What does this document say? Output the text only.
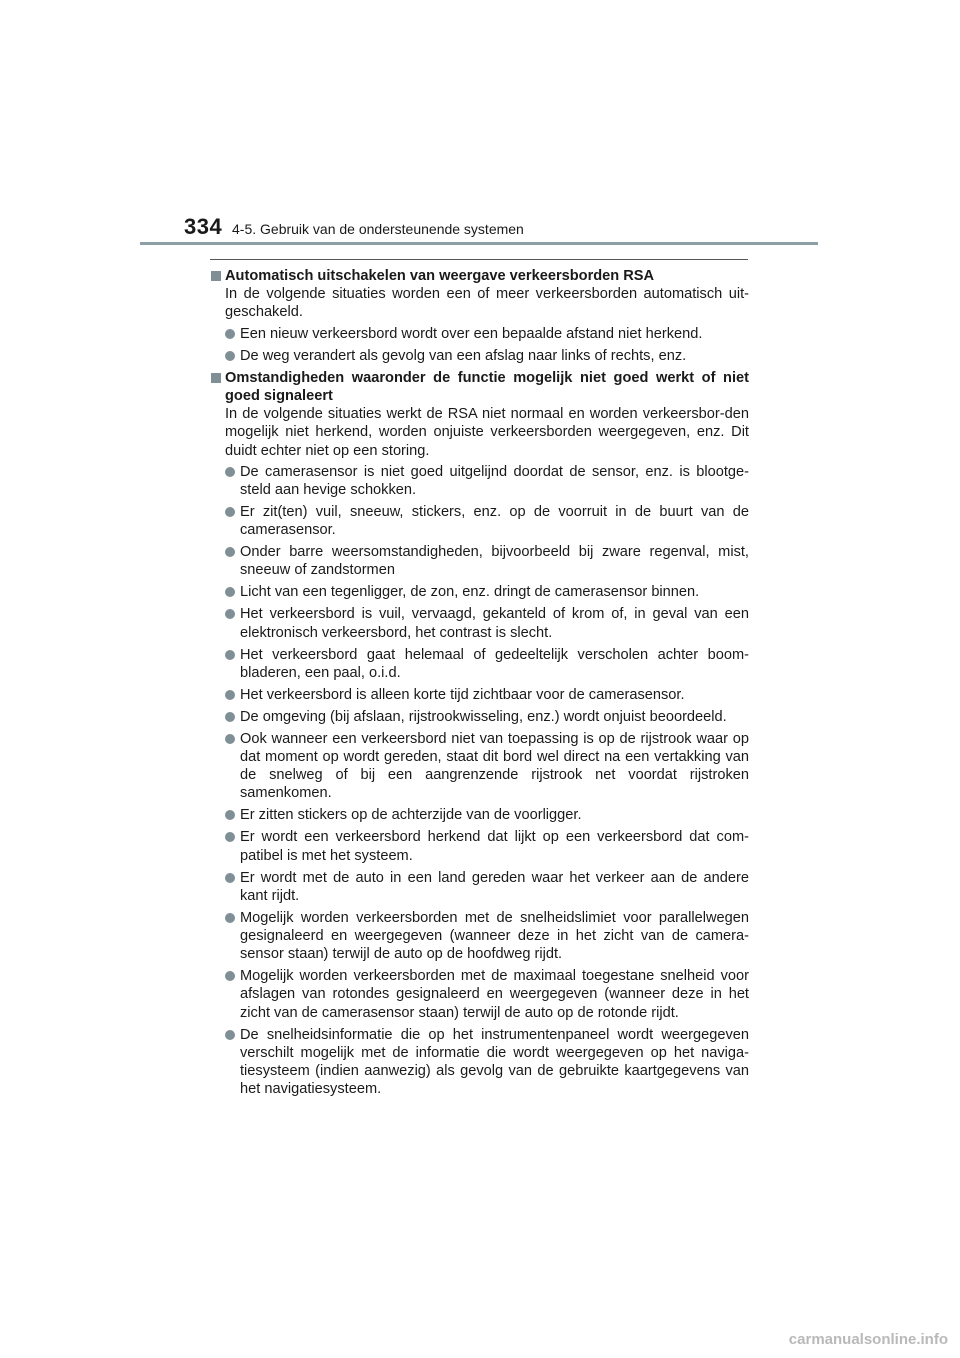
334 4-5. Gebruik van de ondersteunende systemen
Automatisch uitschakelen van weergave verkeersborden RSA
In de volgende situaties worden een of meer verkeersborden automatisch uit-geschakeld.
Een nieuw verkeersbord wordt over een bepaalde afstand niet herkend.
De weg verandert als gevolg van een afslag naar links of rechts, enz.
Omstandigheden waaronder de functie mogelijk niet goed werkt of niet goed signaleert
In de volgende situaties werkt de RSA niet normaal en worden verkeersbor-den mogelijk niet herkend, worden onjuiste verkeersborden weergegeven, enz. Dit duidt echter niet op een storing.
De camerasensor is niet goed uitgelijnd doordat de sensor, enz. is blootge-steld aan hevige schokken.
Er zit(ten) vuil, sneeuw, stickers, enz. op de voorruit in de buurt van de camerasensor.
Onder barre weersomstandigheden, bijvoorbeeld bij zware regenval, mist, sneeuw of zandstormen
Licht van een tegenligger, de zon, enz. dringt de camerasensor binnen.
Het verkeersbord is vuil, vervaagd, gekanteld of krom of, in geval van een elektronisch verkeersbord, het contrast is slecht.
Het verkeersbord gaat helemaal of gedeeltelijk verscholen achter boom-bladeren, een paal, o.i.d.
Het verkeersbord is alleen korte tijd zichtbaar voor de camerasensor.
De omgeving (bij afslaan, rijstrookwisseling, enz.) wordt onjuist beoordeeld.
Ook wanneer een verkeersbord niet van toepassing is op de rijstrook waar op dat moment op wordt gereden, staat dit bord wel direct na een vertakking van de snelweg of bij een aangrenzende rijstrook net voordat rijstroken samenkomen.
Er zitten stickers op de achterzijde van de voorligger.
Er wordt een verkeersbord herkend dat lijkt op een verkeersbord dat com-patibel is met het systeem.
Er wordt met de auto in een land gereden waar het verkeer aan de andere kant rijdt.
Mogelijk worden verkeersborden met de snelheidslimiet voor parallelwegen gesignaleerd en weergegeven (wanneer deze in het zicht van de camera-sensor staan) terwijl de auto op de hoofdweg rijdt.
Mogelijk worden verkeersborden met de maximaal toegestane snelheid voor afslagen van rotondes gesignaleerd en weergegeven (wanneer deze in het zicht van de camerasensor staan) terwijl de auto op de rotonde rijdt.
De snelheidsinformatie die op het instrumentenpaneel wordt weergegeven verschilt mogelijk met de informatie die wordt weergegeven op het naviga-tiesysteem (indien aanwezig) als gevolg van de gebruikte kaartgegevens van het navigatiesysteem.
carmanualsonline.info
